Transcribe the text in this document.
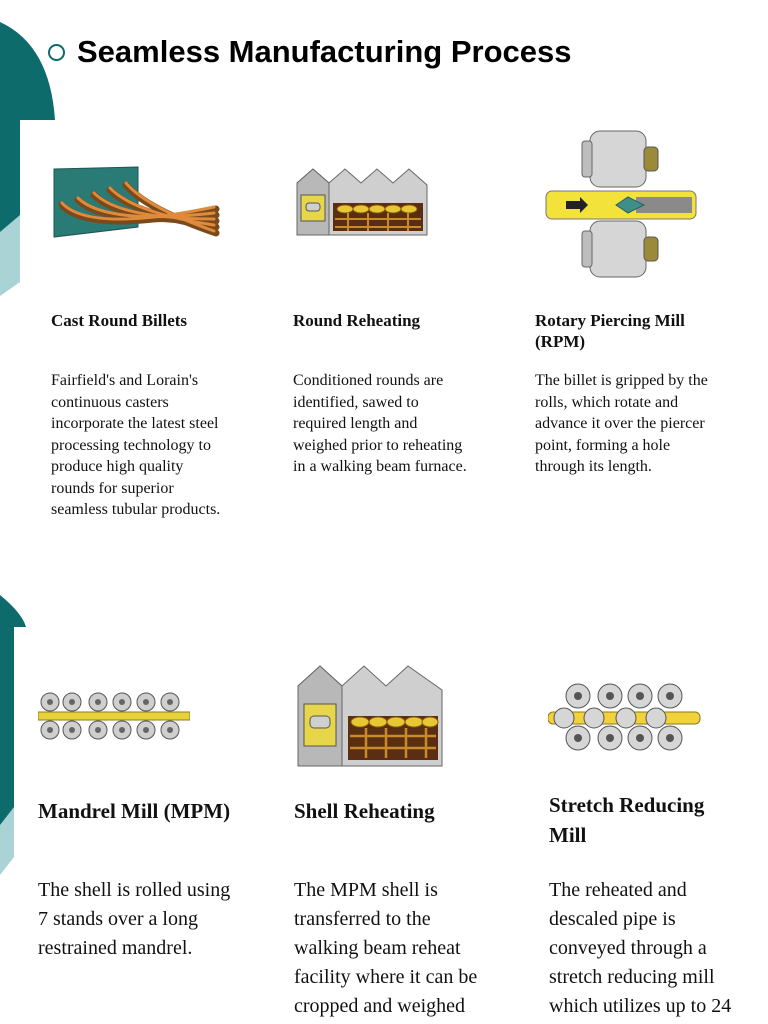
Seamless Manufacturing Process
Cast Round Billets
Fairfield's and Lorain's continuous casters incorporate the latest steel processing technology to produce high quality rounds for superior seamless tubular products.
Round Reheating
Conditioned rounds are identified, sawed to required length and weighed prior to reheating in a walking beam furnace.
Rotary Piercing Mill (RPM)
The billet is gripped by the rolls, which rotate and advance it over the piercer point, forming a hole through its length.
Mandrel Mill (MPM)
The shell is rolled using 7 stands over a long restrained mandrel.
Shell Reheating
The MPM shell is transferred to the walking beam reheat facility where it can be cropped and weighed
Stretch Reducing Mill
The reheated and descaled pipe is conveyed through a stretch reducing mill which utilizes up to 24
